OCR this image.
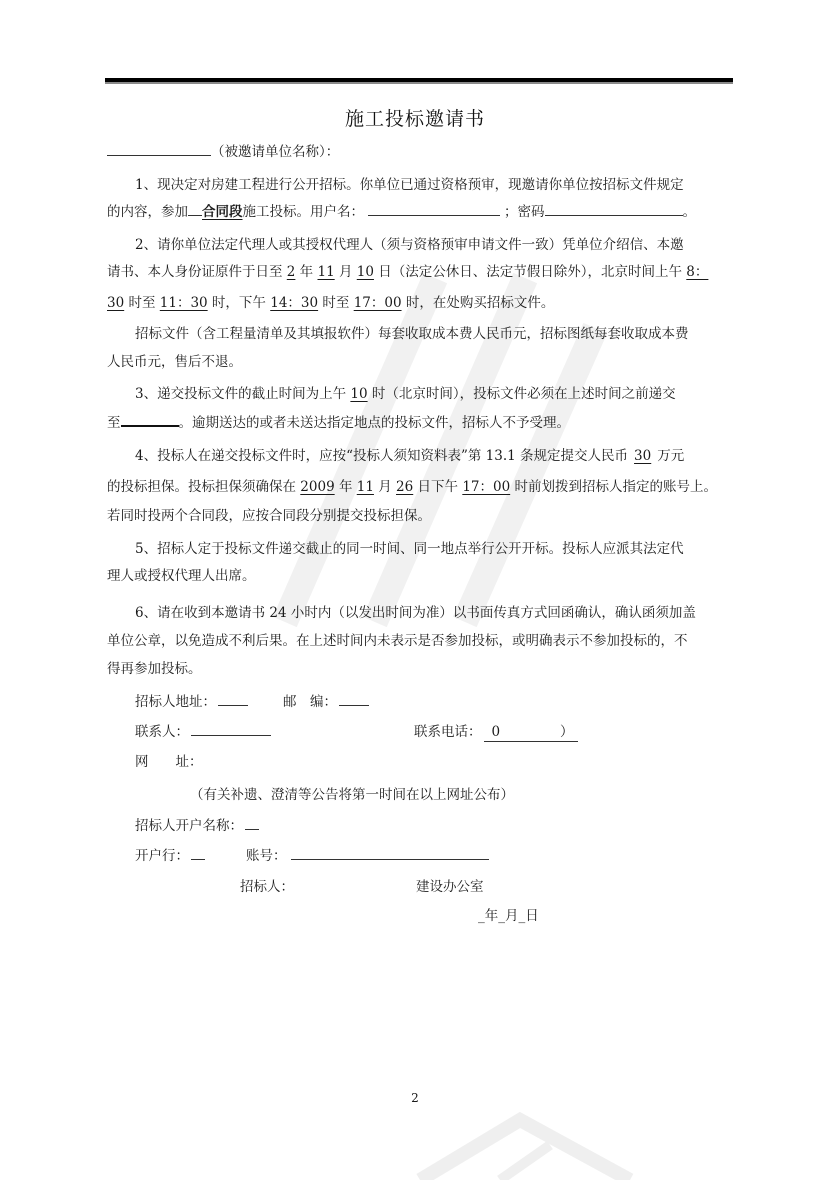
施工投标邀请书
（被邀请单位名称）：
1、现决定对房建工程进行公开招标。你单位已通过资格预审，现邀请你单位按招标文件规定
的内容，参加 合同段施工投标。用户名：	；密码	。
2、请你单位法定代理人或其授权代理人（须与资格预审申请文件一致）凭单位介绍信、本邀
请书、本人身份证原件于日至 2 年 11 月 10 日（法定公休日、法定节假日除外），北京时间上午 8：
30 时至 11：30 时，下午 14：30 时至 17：00 时，在处购买招标文件。
招标文件（含工程量清单及其填报软件）每套收取成本费人民币元，招标图纸每套收取成本费
人民币元，售后不退。
3、递交投标文件的截止时间为上午 10 时（北京时间），投标文件必须在上述时间之前递交
至	。逾期送达的或者未送达指定地点的投标文件，招标人不予受理。
4、投标人在递交投标文件时，应按“投标人须知资料表”第 13.1 条规定提交人民币 30 万元
的投标担保。投标担保须确保在 2009 年 11 月 26 日下午 17：00 时前划拨到招标人指定的账号上。
若同时投两个合同段，应按合同段分别提交投标担保。
5、招标人定于投标文件递交截止的同一时间、同一地点举行公开开标。投标人应派其法定代
理人或授权代理人出席。
6、请在收到本邀请书 24 小时内（以发出时间为准）以书面传真方式回函确认，确认函须加盖
单位公章，以免造成不利后果。在上述时间内未表示是否参加投标，或明确表示不参加投标的，不
得再参加投标。
招标人地址：	邮　编：
联系人：	联系电话： 0	）
网　　址：
（有关补遗、澄清等公告将第一时间在以上网址公布）
招标人开户名称：
开户行：	账号：
招标人：	建设办公室
_年_月_日
2
